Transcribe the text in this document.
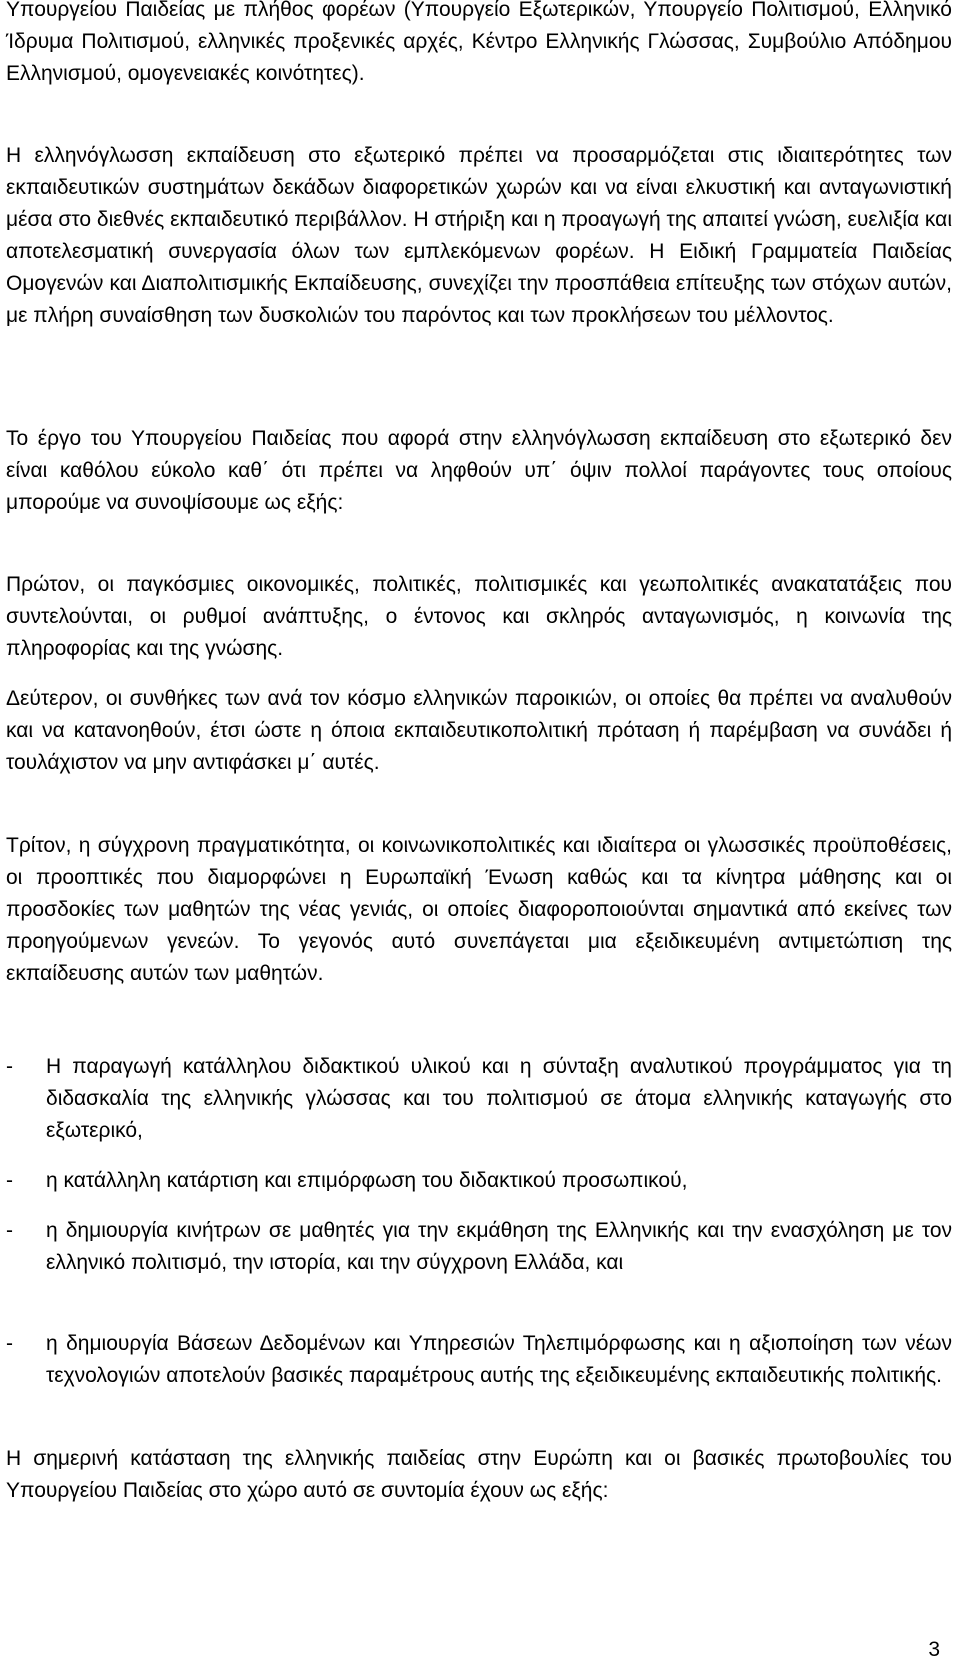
Υπουργείου Παιδείας με πλήθος φορέων (Υπουργείο Εξωτερικών, Υπουργείο Πολιτισμού, Ελληνικό Ίδρυμα Πολιτισμού, ελληνικές προξενικές αρχές, Κέντρο Ελληνικής Γλώσσας, Συμβούλιο Απόδημου Ελληνισμού, ομογενειακές κοινότητες).

Η ελληνόγλωσση εκπαίδευση στο εξωτερικό πρέπει να προσαρμόζεται στις ιδιαιτερότητες των εκπαιδευτικών συστημάτων δεκάδων διαφορετικών χωρών και να είναι ελκυστική και ανταγωνιστική μέσα στο διεθνές εκπαιδευτικό περιβάλλον. Η στήριξη και η προαγωγή της απαιτεί γνώση, ευελιξία και αποτελεσματική συνεργασία όλων των εμπλεκόμενων φορέων. Η Ειδική Γραμματεία Παιδείας Ομογενών και Διαπολιτισμικής Εκπαίδευσης, συνεχίζει την προσπάθεια επίτευξης των στόχων αυτών, με πλήρη συναίσθηση των δυσκολιών του παρόντος και των προκλήσεων του μέλλοντος.

Το έργο του Υπουργείου Παιδείας που αφορά στην ελληνόγλωσση εκπαίδευση στο εξωτερικό δεν είναι καθόλου εύκολο καθ΄ ότι πρέπει να ληφθούν υπ΄ όψιν πολλοί παράγοντες τους οποίους μπορούμε να συνοψίσουμε ως εξής:

Πρώτον, οι παγκόσμιες οικονομικές, πολιτικές, πολιτισμικές και γεωπολιτικές ανακατατάξεις που συντελούνται, οι ρυθμοί ανάπτυξης, ο έντονος και σκληρός ανταγωνισμός, η κοινωνία της πληροφορίας και της γνώσης.

Δεύτερον, οι συνθήκες των ανά τον κόσμο ελληνικών παροικιών, οι οποίες θα πρέπει να αναλυθούν και να κατανοηθούν, έτσι ώστε η όποια εκπαιδευτικοπολιτική πρόταση ή παρέμβαση να συνάδει ή τουλάχιστον να μην αντιφάσκει μ΄ αυτές.

Τρίτον, η σύγχρονη πραγματικότητα, οι κοινωνικοπολιτικές και ιδιαίτερα οι γλωσσικές προϋποθέσεις, οι προοπτικές που διαμορφώνει η Ευρωπαϊκή Ένωση καθώς και τα κίνητρα μάθησης και οι προσδοκίες των μαθητών της νέας γενιάς, οι οποίες διαφοροποιούνται σημαντικά από εκείνες των προηγούμενων γενεών. Το γεγονός αυτό συνεπάγεται μια εξειδικευμένη αντιμετώπιση της εκπαίδευσης αυτών των μαθητών.

-	Η παραγωγή κατάλληλου διδακτικού υλικού και η σύνταξη αναλυτικού προγράμματος για τη διδασκαλία της ελληνικής γλώσσας και του πολιτισμού σε άτομα ελληνικής καταγωγής στο εξωτερικό,
-	η κατάλληλη κατάρτιση και επιμόρφωση του διδακτικού προσωπικού,
-	η δημιουργία κινήτρων σε μαθητές για την εκμάθηση της Ελληνικής και την ενασχόληση με τον ελληνικό πολιτισμό, την ιστορία, και την σύγχρονη Ελλάδα, και
-	η δημιουργία Βάσεων Δεδομένων και Υπηρεσιών Τηλεπιμόρφωσης και η αξιοποίηση των νέων τεχνολογιών αποτελούν βασικές παραμέτρους αυτής της εξειδικευμένης εκπαιδευτικής πολιτικής.

Η σημερινή κατάσταση της ελληνικής παιδείας στην Ευρώπη και οι βασικές πρωτοβουλίες του Υπουργείου Παιδείας στο χώρο αυτό σε συντομία έχουν ως εξής:

3
